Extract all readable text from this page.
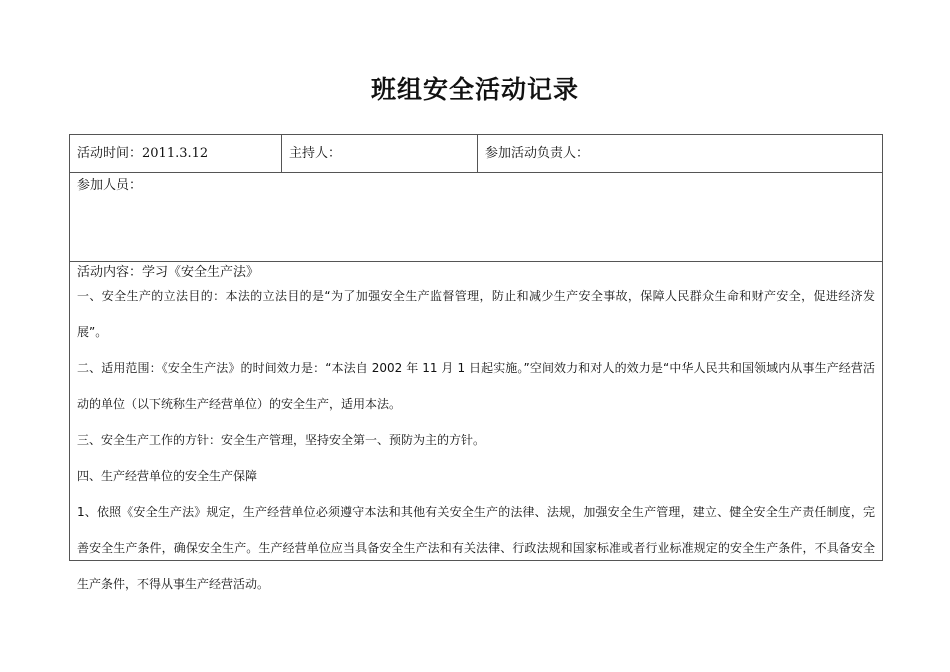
班组安全活动记录
活动时间：2011.3.12	主持人：	参加活动负责人：
参加人员：
活动内容：学习《安全生产法》

一、安全生产的立法目的：本法的立法目的是“为了加强安全生产监督管理，防止和减少生产安全事故，保障人民群众生命和财产安全，促进经济发展”。

二、适用范围：《安全生产法》的时间效力是：“本法自 2002 年 11 月 1 日起实施。”空间效力和对人的效力是“中华人民共和国领域内从事生产经营活动的单位（以下统称生产经营单位）的安全生产，适用本法。

三、安全生产工作的方针：安全生产管理，坚持安全第一、预防为主的方针。

四、生产经营单位的安全生产保障

1、依照《安全生产法》规定，生产经营单位必须遵守本法和其他有关安全生产的法律、法规，加强安全生产管理，建立、健全安全生产责任制度，完善安全生产条件，确保安全生产。生产经营单位应当具备安全生产法和有关法律、行政法规和国家标准或者行业标准规定的安全生产条件，不具备安全生产条件，不得从事生产经营活动。
